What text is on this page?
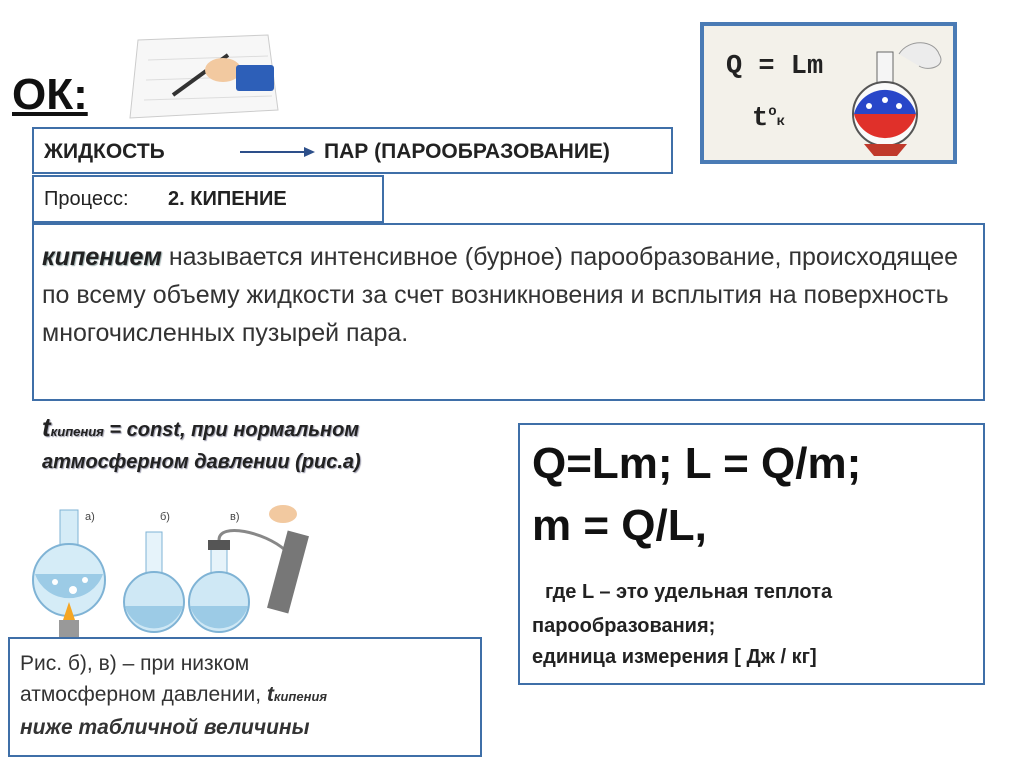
ОК:
ЖИДКОСТЬ	ПАР (ПАРООБРАЗОВАНИЕ)
Процесс: 2. КИПЕНИЕ
кипением называется интенсивное (бурное) парообразование, происходящее по всему объему жидкости за счет возникновения и всплытия на поверхность многочисленных пузырей пара.
tкипения = const, при нормальном атмосферном давлении (рис.а)
а)	б)	в)
Рис. б), в) – при низком
атмосферном давлении, tкипения
ниже табличной величины
Q=Lm; L = Q/m;
m = Q/L,
где L – это удельная теплота
парообразования;
единица измерения [ Дж / кг]
Q = Lm
$t^ок$
